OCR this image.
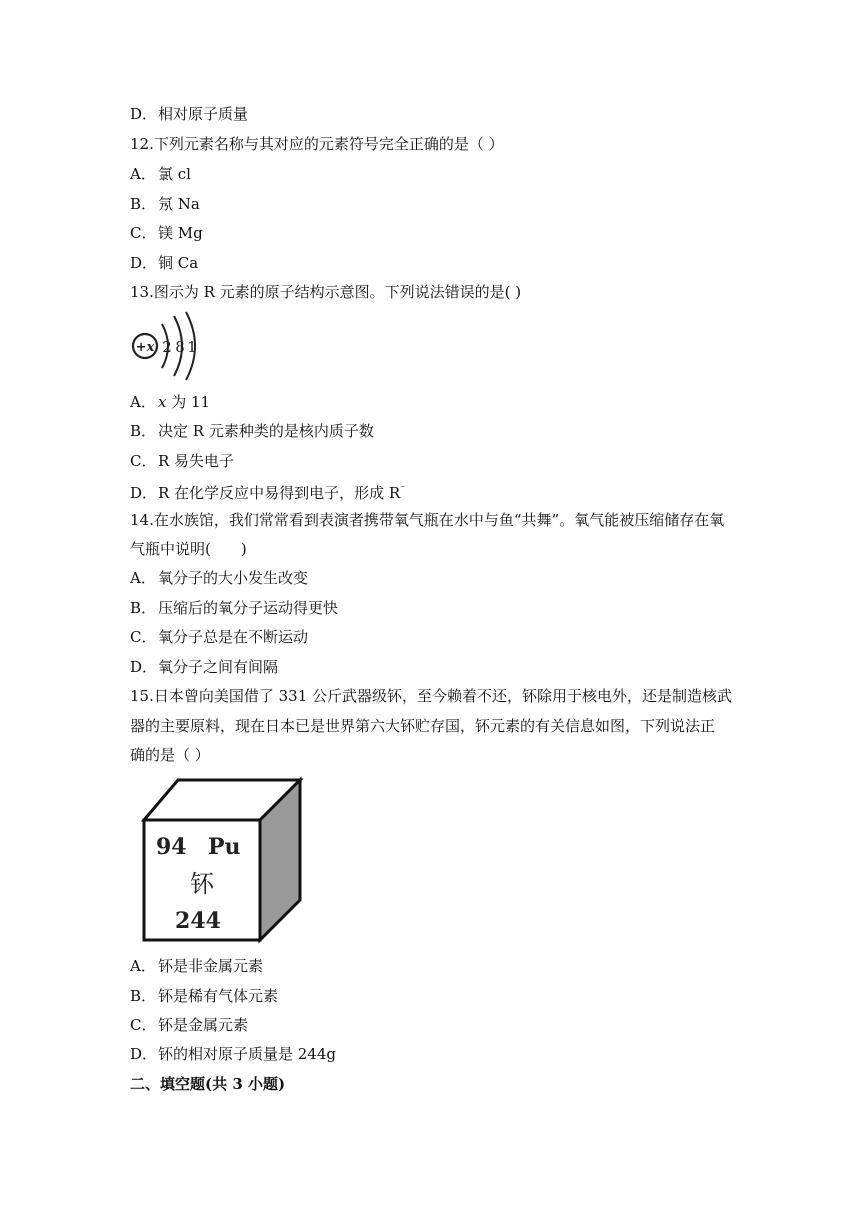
D．相对原子质量
12.下列元素名称与其对应的元素符号完全正确的是（ ）
A． 氯 cl
B． 氖 Na
C． 镁 Mg
D．铜 Ca
13.图示为 R 元素的原子结构示意图。下列说法错误的是( )
+x 2 8 1
A． x 为 11
B． 决定 R 元素种类的是核内质子数
C． R 易失电子
D．R 在化学反应中易得到电子，形成 R⁻
14.在水族馆，我们常常看到表演者携带氧气瓶在水中与鱼“共舞”。氧气能被压缩储存在氧
气瓶中说明(　　)
A． 氧分子的大小发生改变
B． 压缩后的氧分子运动得更快
C． 氧分子总是在不断运动
D．氧分子之间有间隔
15.日本曾向美国借了 331 公斤武器级钚，至今赖着不还，钚除用于核电外，还是制造核武
器的主要原料，现在日本已是世界第六大钚贮存国，钚元素的有关信息如图，下列说法正
确的是（ ）
94 Pu
钚
244
A． 钚是非金属元素
B． 钚是稀有气体元素
C． 钚是金属元素
D．钚的相对原子质量是 244g
二、填空题(共 3 小题)
